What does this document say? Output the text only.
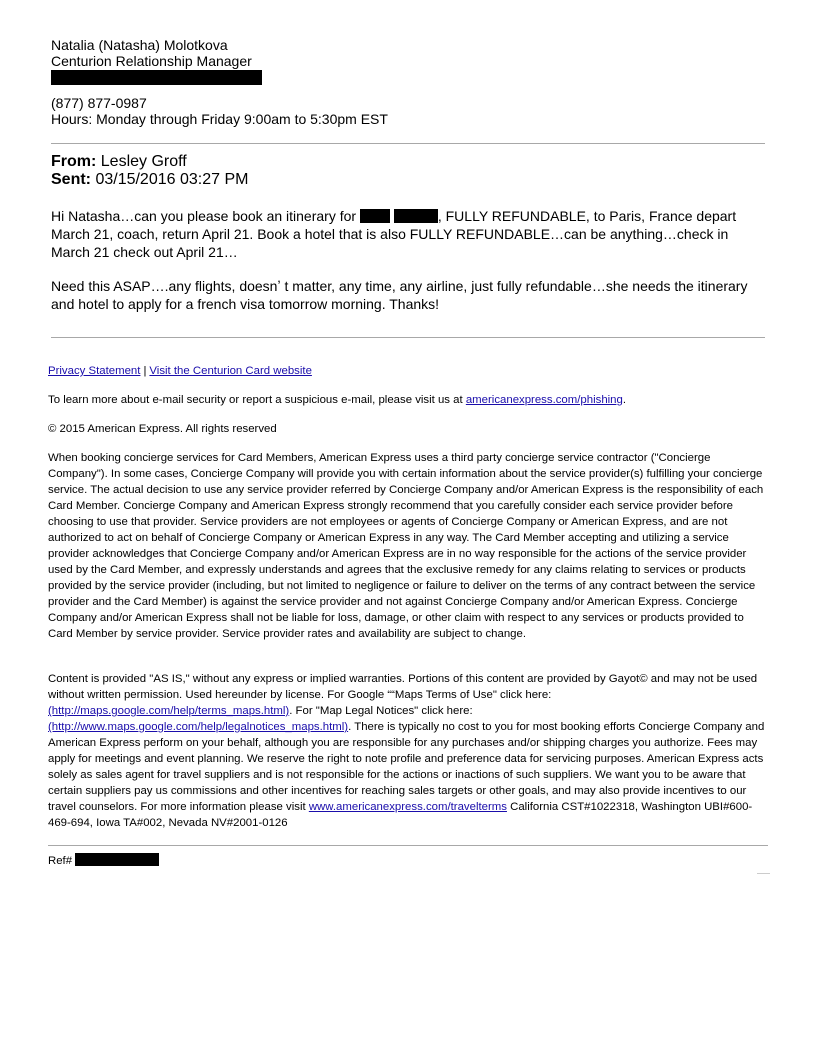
Natalia (Natasha) Molotkova
Centurion Relationship Manager
(877) 877-0987
Hours: Monday through Friday 9:00am to 5:30pm EST
From: Lesley Groff
Sent: 03/15/2016 03:27 PM

Hi Natasha…can you please book an itinerary for	, FULLY REFUNDABLE, to Paris, France depart March 21, coach, return April 21. Book a hotel that is also FULLY REFUNDABLE…can be anything…check in March 21 check out April 21…

Need this ASAP….any flights, doesnʼ t matter, any time, any airline, just fully refundable…she needs the itinerary and hotel to apply for a french visa tomorrow morning. Thanks!

Privacy Statement | Visit the Centurion Card website

To learn more about e-mail security or report a suspicious e-mail, please visit us at americanexpress.com/phishing.

© 2015 American Express. All rights reserved

When booking concierge services for Card Members, American Express uses a third party concierge service contractor ("Concierge Company"). In some cases, Concierge Company will provide you with certain information about the service provider(s) fulfilling your concierge service. The actual decision to use any service provider referred by Concierge Company and/or American Express is the responsibility of each Card Member. Concierge Company and American Express strongly recommend that you carefully consider each service provider before choosing to use that provider. Service providers are not employees or agents of Concierge Company or American Express, and are not authorized to act on behalf of Concierge Company or American Express in any way. The Card Member accepting and utilizing a service provider acknowledges that Concierge Company and/or American Express are in no way responsible for the actions of the service provider used by the Card Member, and expressly understands and agrees that the exclusive remedy for any claims relating to services or products provided by the service provider (including, but not limited to negligence or failure to deliver on the terms of any contract between the service provider and the Card Member) is against the service provider and not against Concierge Company and/or American Express. Concierge Company and/or American Express shall not be liable for loss, damage, or other claim with respect to any services or products provided to Card Member by service provider. Service provider rates and availability are subject to change.

Content is provided "AS IS," without any express or implied warranties. Portions of this content are provided by Gayot© and may not be used without written permission. Used hereunder by license. For Google ““Maps Terms of Use" click here: (http://maps.google.com/help/terms_maps.html). For "Map Legal Notices" click here: (http://www.maps.google.com/help/legalnotices_maps.html). There is typically no cost to you for most booking efforts Concierge Company and American Express perform on your behalf, although you are responsible for any purchases and/or shipping charges you authorize. Fees may apply for meetings and event planning. We reserve the right to note profile and preference data for servicing purposes. American Express acts solely as sales agent for travel suppliers and is not responsible for the actions or inactions of such suppliers. We want you to be aware that certain suppliers pay us commissions and other incentives for reaching sales targets or other goals, and may also provide incentives to our travel counselors. For more information please visit www.americanexpress.com/travelterms California CST#1022318, Washington UBI#600-469-694, Iowa TA#002, Nevada NV#2001-0126

Ref#
